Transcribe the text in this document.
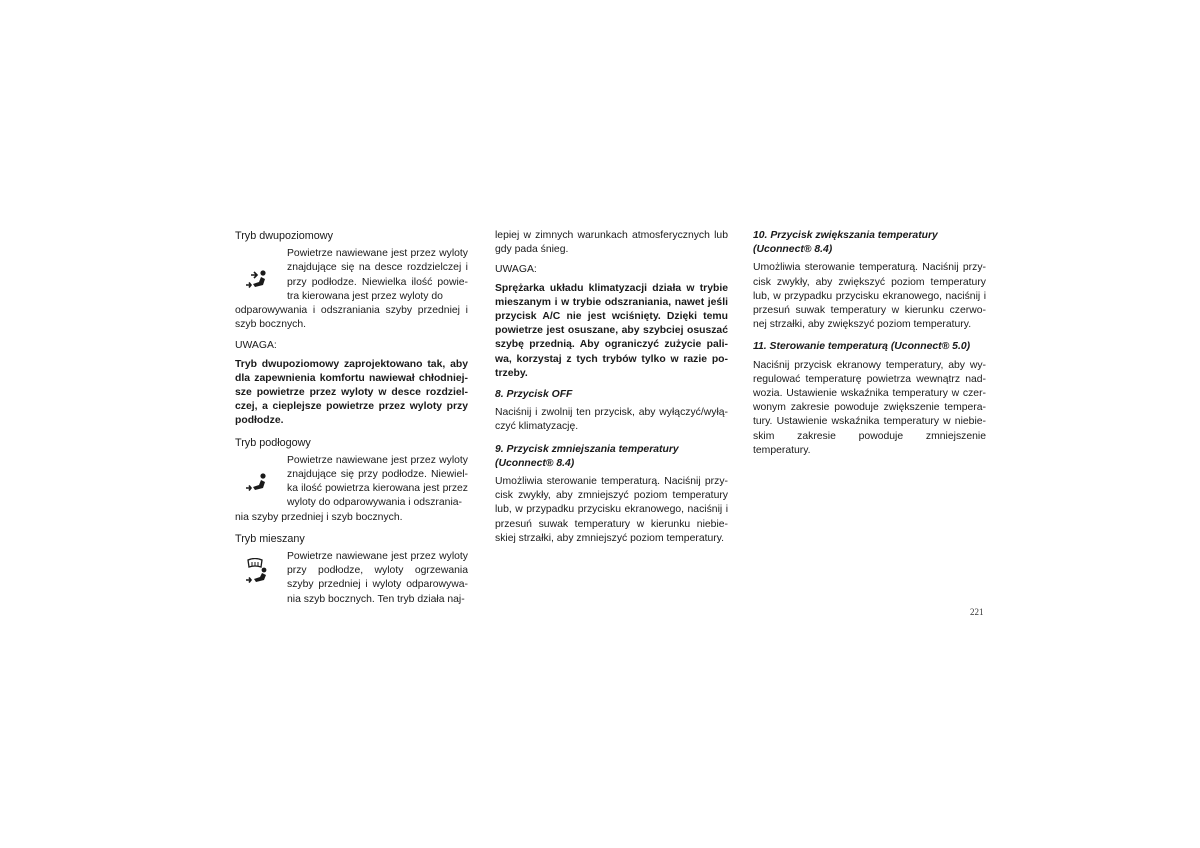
Tryb dwupoziomowy

Powietrze nawiewane jest przez wyloty znajdujące się na desce rozdzielczej i przy podłodze. Niewielka ilość powie-tra kierowana jest przez wyloty do

odparowywania i odszraniania szyby przedniej i szyb bocznych.

UWAGA:

Tryb dwupoziomowy zaprojektowano tak, aby dla zapewnienia komfortu nawiewał chłodniej-sze powietrze przez wyloty w desce rozdziel-czej, a cieplejsze powietrze przez wyloty przy podłodze.

Tryb podłogowy

Powietrze nawiewane jest przez wyloty znajdujące się przy podłodze. Niewiel-ka ilość powietrza kierowana jest przez wyloty do odparowywania i odszrania-

nia szyby przedniej i szyb bocznych.

Tryb mieszany

Powietrze nawiewane jest przez wyloty przy podłodze, wyloty ogrzewania szyby przedniej i wyloty odparowywa-nia szyb bocznych. Ten tryb działa naj-

lepiej w zimnych warunkach atmosferycznych lub gdy pada śnieg.

UWAGA:

Sprężarka układu klimatyzacji działa w trybie mieszanym i w trybie odszraniania, nawet jeśli przycisk A/C nie jest wciśnięty. Dzięki temu powietrze jest osuszane, aby szybciej osuszać szybę przednią. Aby ograniczyć zużycie pali-wa, korzystaj z tych trybów tylko w razie po-trzeby.

8. Przycisk OFF

Naciśnij i zwolnij ten przycisk, aby wyłączyć/wyłą-czyć klimatyzację.

9. Przycisk zmniejszania temperatury (Uconnect® 8.4)

Umożliwia sterowanie temperaturą. Naciśnij przy-cisk zwykły, aby zmniejszyć poziom temperatury lub, w przypadku przycisku ekranowego, naciśnij i przesuń suwak temperatury w kierunku niebie-skiej strzałki, aby zmniejszyć poziom temperatury.

10. Przycisk zwiększania temperatury (Uconnect® 8.4)

Umożliwia sterowanie temperaturą. Naciśnij przy-cisk zwykły, aby zwiększyć poziom temperatury lub, w przypadku przycisku ekranowego, naciśnij i przesuń suwak temperatury w kierunku czerwo-nej strzałki, aby zwiększyć poziom temperatury.

11. Sterowanie temperaturą (Uconnect® 5.0)

Naciśnij przycisk ekranowy temperatury, aby wy-regulować temperaturę powietrza wewnątrz nad-wozia. Ustawienie wskaźnika temperatury w czer-wonym zakresie powoduje zwiększenie tempera-tury. Ustawienie wskaźnika temperatury w niebie-skim zakresie powoduje zmniejszenie temperatury.

221
